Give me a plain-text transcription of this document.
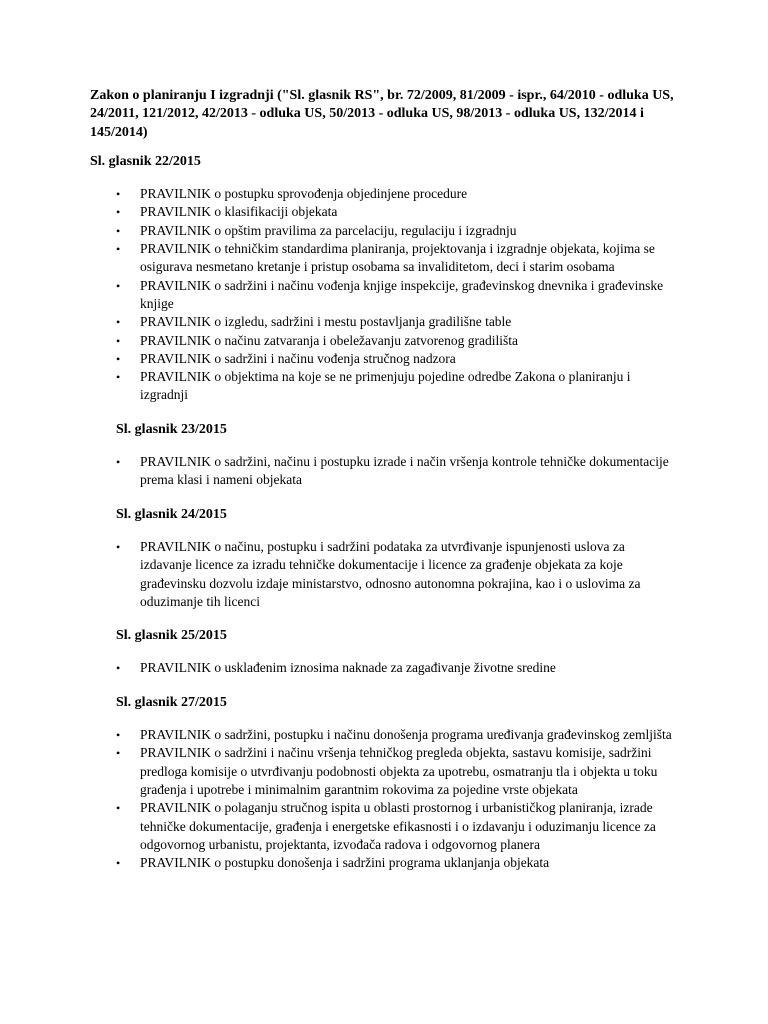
Zakon o planiranju I izgradnji ("Sl. glasnik RS", br. 72/2009, 81/2009 - ispr., 64/2010 - odluka US, 24/2011, 121/2012, 42/2013 - odluka US, 50/2013 - odluka US, 98/2013 - odluka US, 132/2014 i 145/2014)

Sl. glasnik 22/2015

• PRAVILNIK o postupku sprovođenja objedinjene procedure
• PRAVILNIK o klasifikaciji objekata
• PRAVILNIK o opštim pravilima za parcelaciju, regulaciju i izgradnju
• PRAVILNIK o tehničkim standardima planiranja, projektovanja i izgradnje objekata, kojima se osigurava nesmetano kretanje i pristup osobama sa invaliditetom, deci i starim osobama
• PRAVILNIK o sadržini i načinu vođenja knjige inspekcije, građevinskog dnevnika i građevinske knjige
• PRAVILNIK o izgledu, sadržini i mestu postavljanja gradilišne table
• PRAVILNIK o načinu zatvaranja i obeležavanju zatvorenog gradilišta
• PRAVILNIK o sadržini i načinu vođenja stručnog nadzora
• PRAVILNIK o objektima na koje se ne primenjuju pojedine odredbe Zakona o planiranju i izgradnji

Sl. glasnik 23/2015

• PRAVILNIK o sadržini, načinu i postupku izrade i način vršenja kontrole tehničke dokumentacije prema klasi i nameni objekata

Sl. glasnik 24/2015

• PRAVILNIK o načinu, postupku i sadržini podataka za utvrđivanje ispunjenosti uslova za izdavanje licence za izradu tehničke dokumentacije i licence za građenje objekata za koje građevinsku dozvolu izdaje ministarstvo, odnosno autonomna pokrajina, kao i o uslovima za oduzimanje tih licenci

Sl. glasnik 25/2015

• PRAVILNIK o usklađenim iznosima naknade za zagađivanje životne sredine

Sl. glasnik 27/2015

• PRAVILNIK o sadržini, postupku i načinu donošenja programa uređivanja građevinskog zemljišta
• PRAVILNIK o sadržini i načinu vršenja tehničkog pregleda objekta, sastavu komisije, sadržini predloga komisije o utvrđivanju podobnosti objekta za upotrebu, osmatranju tla i objekta u toku građenja i upotrebe i minimalnim garantnim rokovima za pojedine vrste objekata
• PRAVILNIK o polaganju stručnog ispita u oblasti prostornog i urbanističkog planiranja, izrade tehničke dokumentacije, građenja i energetske efikasnosti i o izdavanju i oduzimanju licence za odgovornog urbanistu, projektanta, izvođača radova i odgovornog planera
• PRAVILNIK o postupku donošenja i sadržini programa uklanjanja objekata
